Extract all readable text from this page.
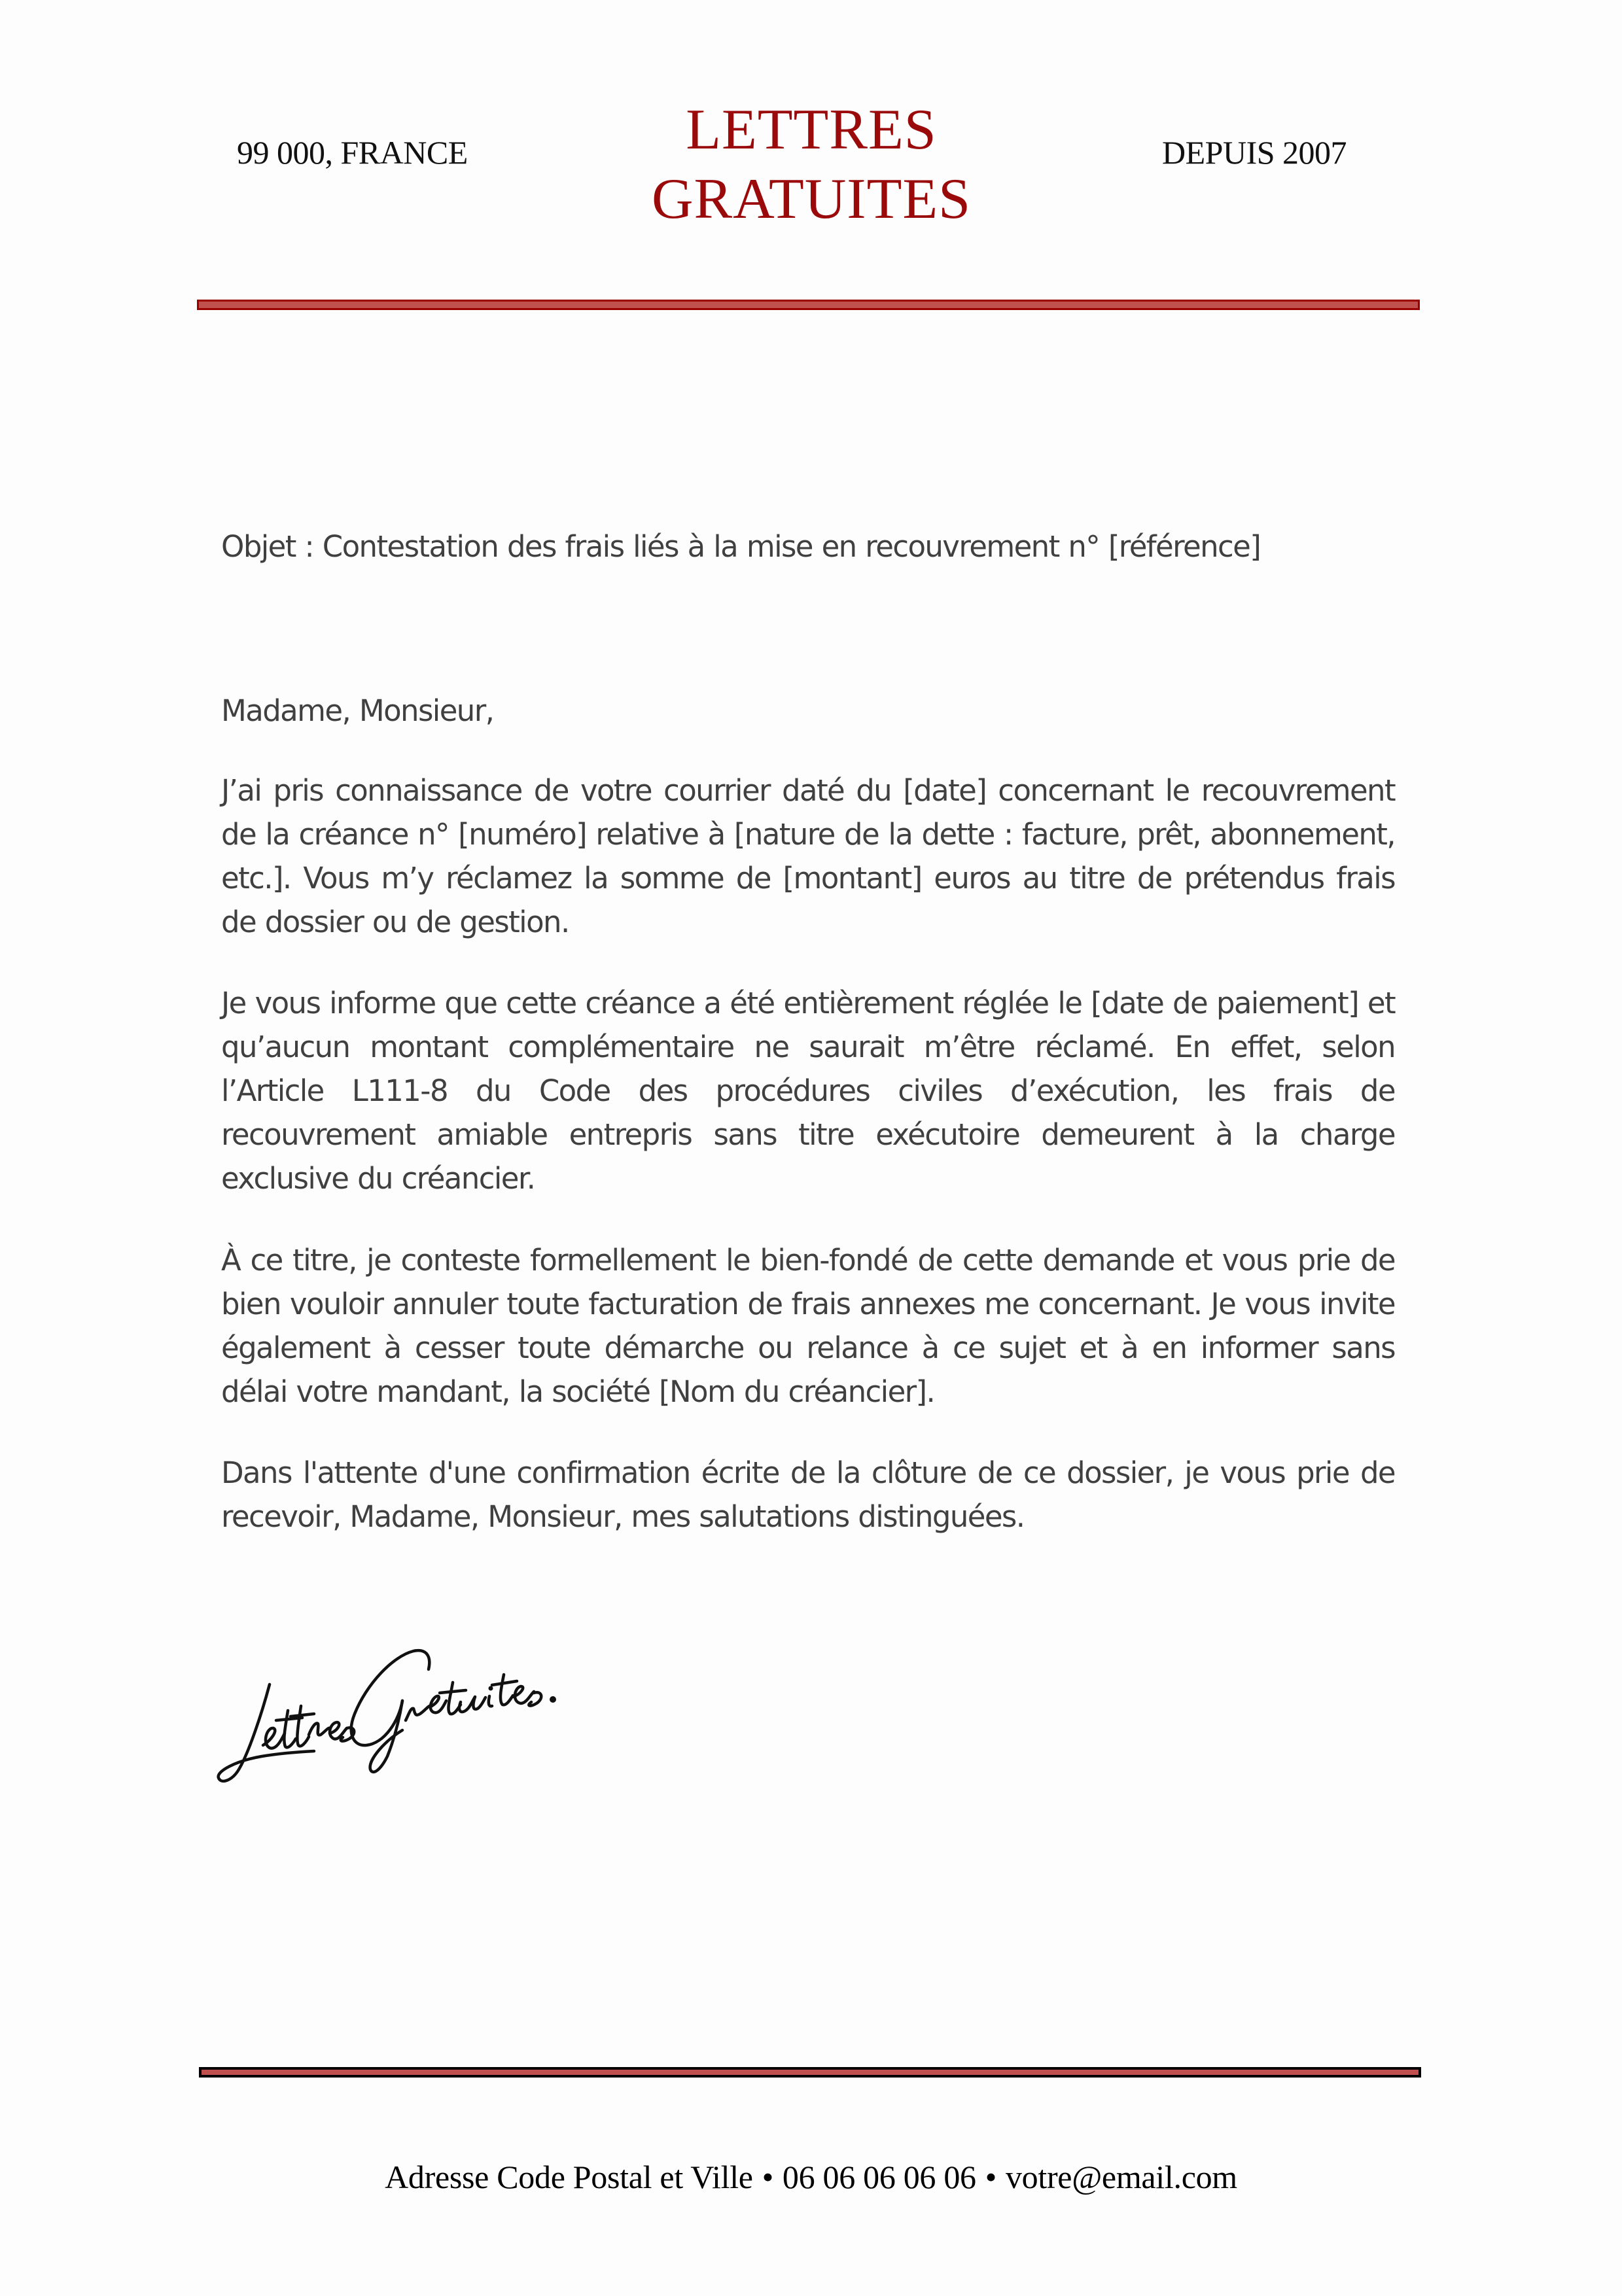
99 000, FRANCE	LETTRES
GRATUITES
DEPUIS 2007
Objet : Contestation des frais liés à la mise en recouvrement n° [référence]
Madame, Monsieur,
J’ai pris connaissance de votre courrier daté du [date] concernant le recouvrement de la créance n° [numéro] relative à [nature de la dette : facture, prêt, abonnement, etc.]. Vous m’y réclamez la somme de [montant] euros au titre de prétendus frais de dossier ou de gestion.
Je vous informe que cette créance a été entièrement réglée le [date de paiement] et qu’aucun montant complémentaire ne saurait m’être réclamé. En effet, selon l’Article L111-8 du Code des procédures civiles d’exécution, les frais de recouvrement amiable entrepris sans titre exécutoire demeurent à la charge exclusive du créancier.
À ce titre, je conteste formellement le bien-fondé de cette demande et vous prie de bien vouloir annuler toute facturation de frais annexes me concernant. Je vous invite également à cesser toute démarche ou relance à ce sujet et à en informer sans délai votre mandant, la société [Nom du créancier].
Dans l'attente d'une confirmation écrite de la clôture de ce dossier, je vous prie de recevoir, Madame, Monsieur, mes salutations distinguées.
Adresse Code Postal et Ville • 06 06 06 06 06 • votre@email.com
